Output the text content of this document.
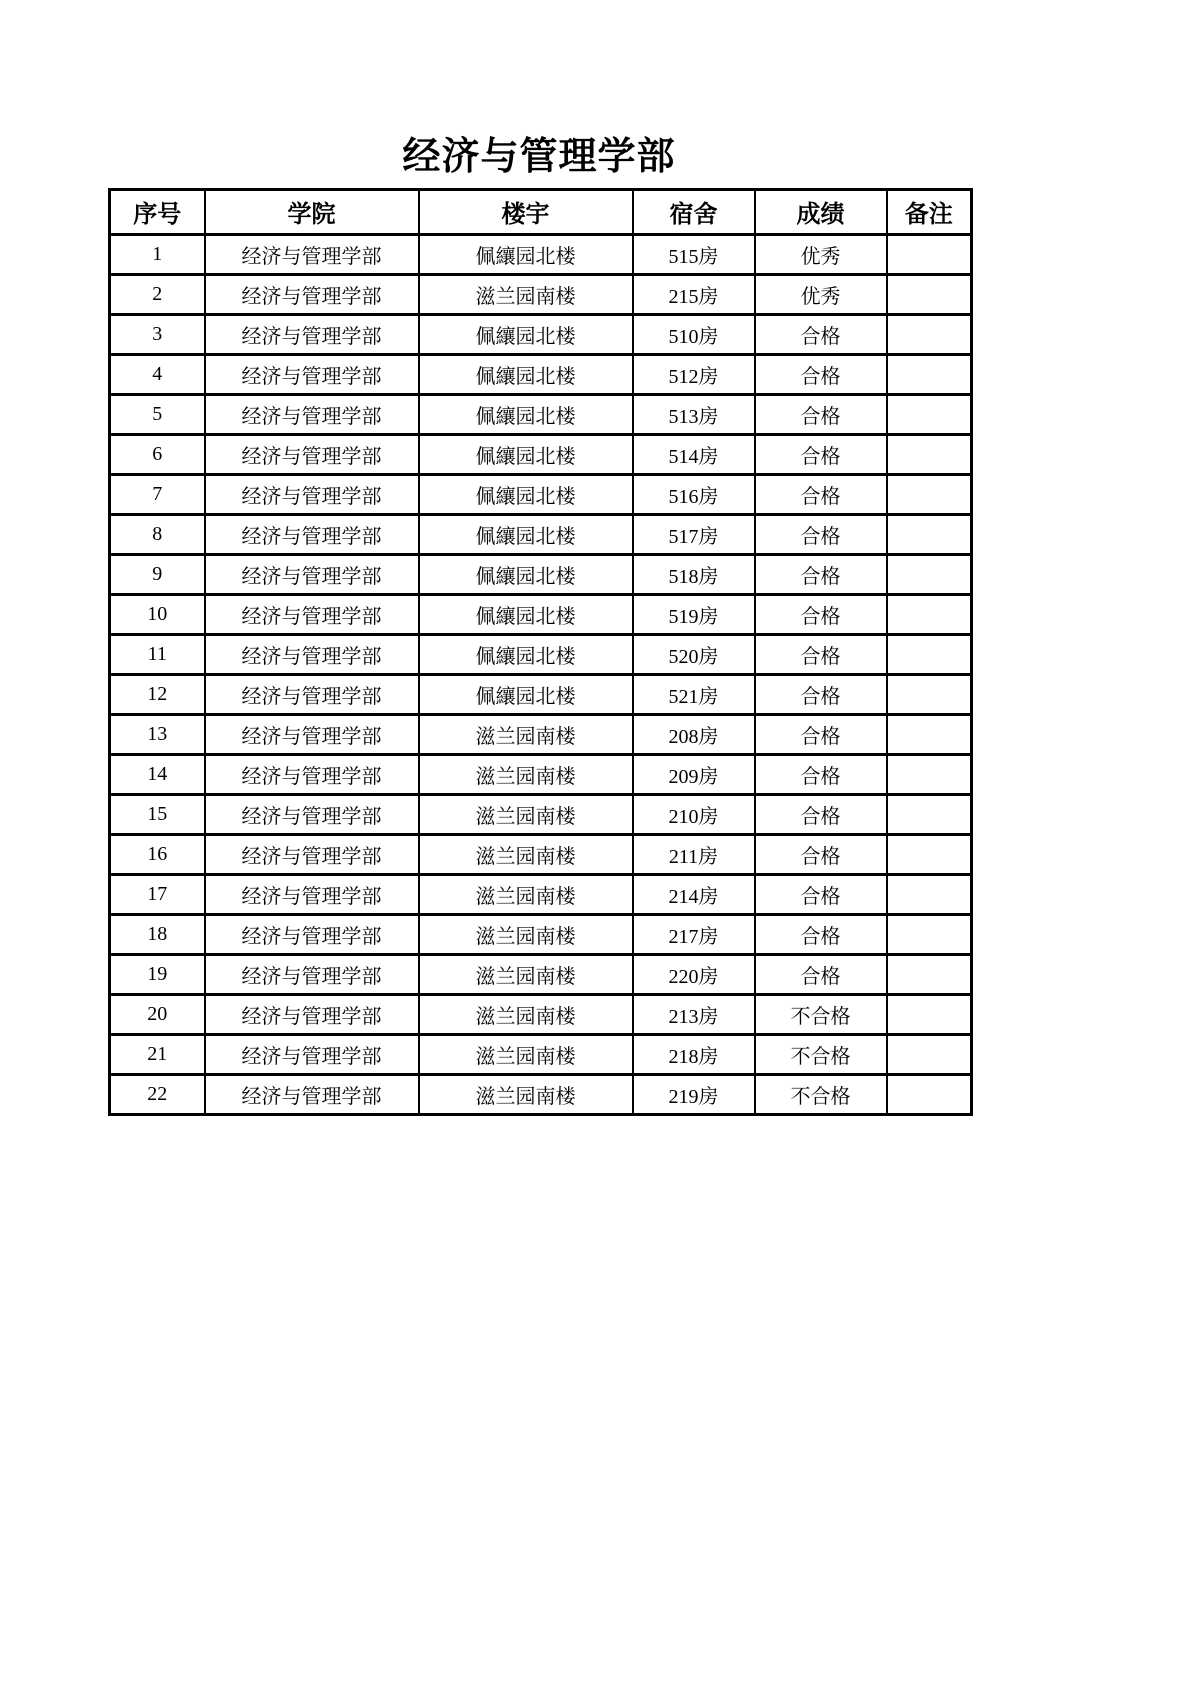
经济与管理学部
序号	学院	楼宇	宿舍	成绩	备注
1	经济与管理学部	佩纕园北楼	515房	优秀	
2	经济与管理学部	滋兰园南楼	215房	优秀	
3	经济与管理学部	佩纕园北楼	510房	合格	
4	经济与管理学部	佩纕园北楼	512房	合格	
5	经济与管理学部	佩纕园北楼	513房	合格	
6	经济与管理学部	佩纕园北楼	514房	合格	
7	经济与管理学部	佩纕园北楼	516房	合格	
8	经济与管理学部	佩纕园北楼	517房	合格	
9	经济与管理学部	佩纕园北楼	518房	合格	
10	经济与管理学部	佩纕园北楼	519房	合格	
11	经济与管理学部	佩纕园北楼	520房	合格	
12	经济与管理学部	佩纕园北楼	521房	合格	
13	经济与管理学部	滋兰园南楼	208房	合格	
14	经济与管理学部	滋兰园南楼	209房	合格	
15	经济与管理学部	滋兰园南楼	210房	合格	
16	经济与管理学部	滋兰园南楼	211房	合格	
17	经济与管理学部	滋兰园南楼	214房	合格	
18	经济与管理学部	滋兰园南楼	217房	合格	
19	经济与管理学部	滋兰园南楼	220房	合格	
20	经济与管理学部	滋兰园南楼	213房	不合格	
21	经济与管理学部	滋兰园南楼	218房	不合格	
22	经济与管理学部	滋兰园南楼	219房	不合格	
